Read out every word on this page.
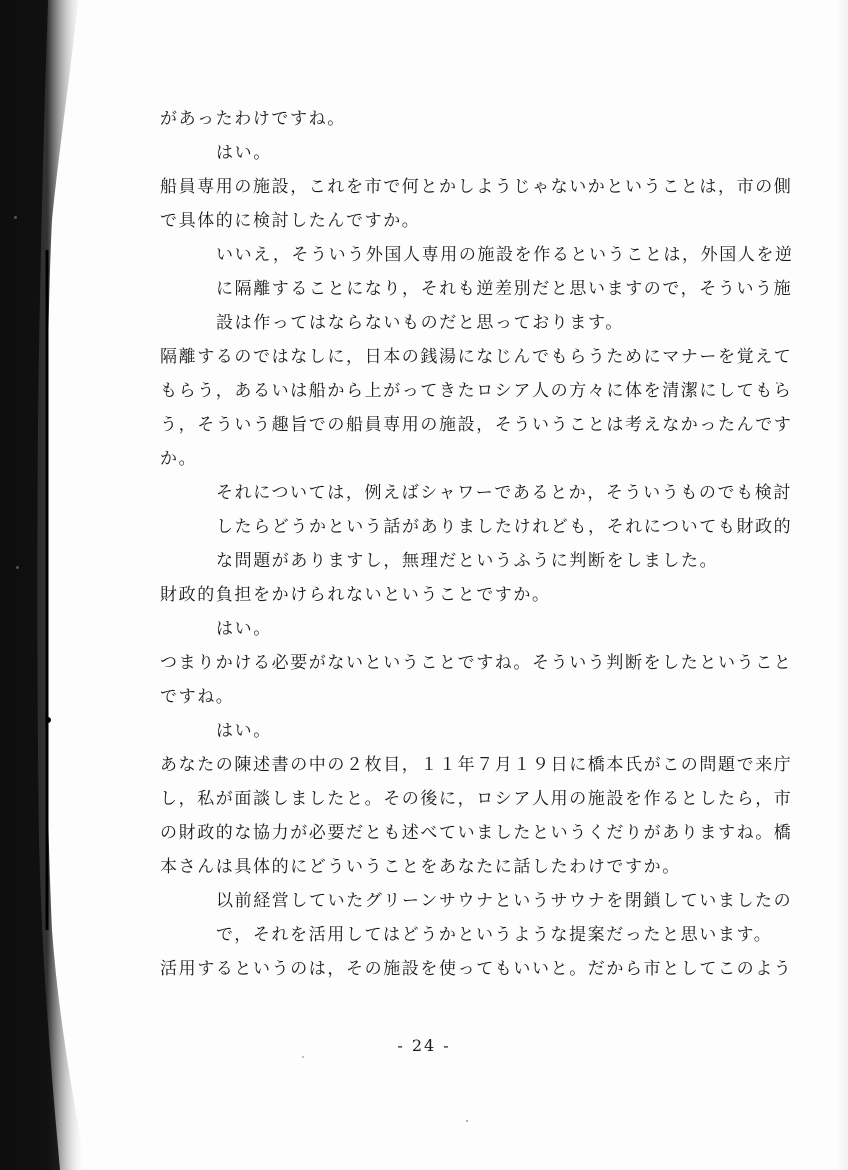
があったわけですね。
はい。
船員専用の施設，これを市で何とかしようじゃないかということは，市の側
で具体的に検討したんですか。
いいえ，そういう外国人専用の施設を作るということは，外国人を逆
に隔離することになり，それも逆差別だと思いますので，そういう施
設は作ってはならないものだと思っております。
隔離するのではなしに，日本の銭湯になじんでもらうためにマナーを覚えて
もらう，あるいは船から上がってきたロシア人の方々に体を清潔にしてもら
う，そういう趣旨での船員専用の施設，そういうことは考えなかったんです
か。
それについては，例えばシャワーであるとか，そういうものでも検討
したらどうかという話がありましたけれども，それについても財政的
な問題がありますし，無理だというふうに判断をしました。
財政的負担をかけられないということですか。
はい。
つまりかける必要がないということですね。そういう判断をしたということ
ですね。
はい。
あなたの陳述書の中の２枚目，１１年７月１９日に橋本氏がこの問題で来庁
し，私が面談しましたと。その後に，ロシア人用の施設を作るとしたら，市
の財政的な協力が必要だとも述べていましたというくだりがありますね。橋
本さんは具体的にどういうことをあなたに話したわけですか。
以前経営していたグリーンサウナというサウナを閉鎖していましたの
で，それを活用してはどうかというような提案だったと思います。
活用するというのは，その施設を使ってもいいと。だから市としてこのよう
- 24 -
